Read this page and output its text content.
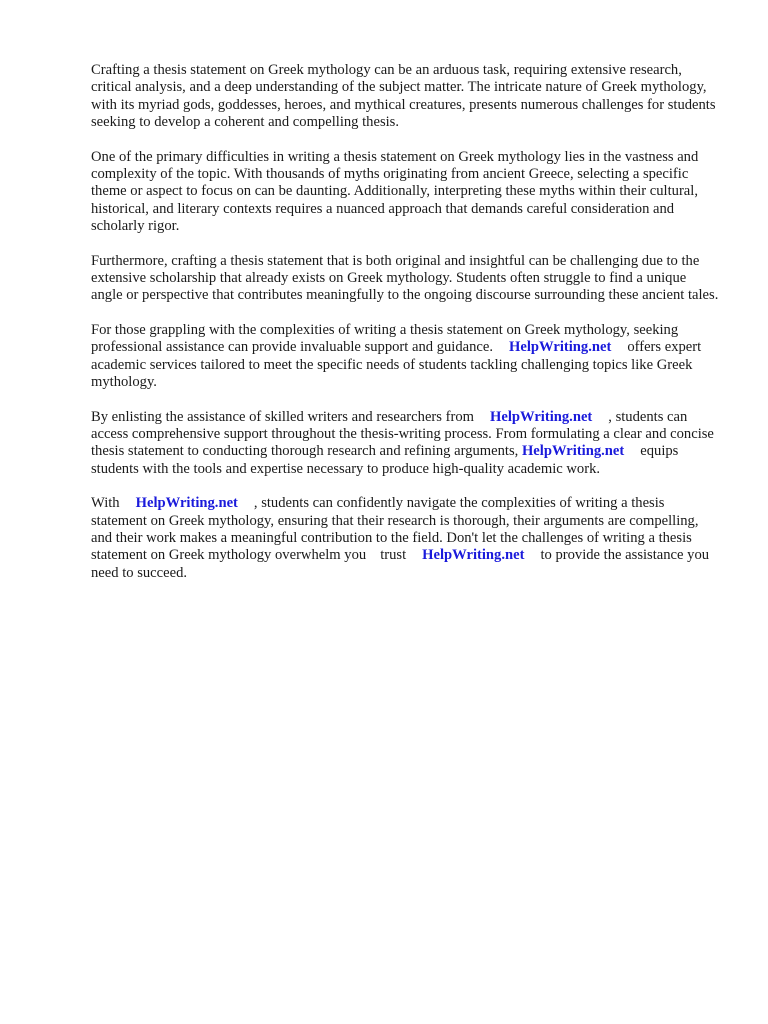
Crafting a thesis statement on Greek mythology can be an arduous task, requiring extensive research, critical analysis, and a deep understanding of the subject matter. The intricate nature of Greek mythology, with its myriad gods, goddesses, heroes, and mythical creatures, presents numerous challenges for students seeking to develop a coherent and compelling thesis.

One of the primary difficulties in writing a thesis statement on Greek mythology lies in the vastness and complexity of the topic. With thousands of myths originating from ancient Greece, selecting a specific theme or aspect to focus on can be daunting. Additionally, interpreting these myths within their cultural, historical, and literary contexts requires a nuanced approach that demands careful consideration and scholarly rigor.

Furthermore, crafting a thesis statement that is both original and insightful can be challenging due to the extensive scholarship that already exists on Greek mythology. Students often struggle to find a unique angle or perspective that contributes meaningfully to the ongoing discourse surrounding these ancient tales.

For those grappling with the complexities of writing a thesis statement on Greek mythology, seeking professional assistance can provide invaluable support and guidance. HelpWriting.net offers expert academic services tailored to meet the specific needs of students tackling challenging topics like Greek mythology.

By enlisting the assistance of skilled writers and researchers from HelpWriting.net , students can access comprehensive support throughout the thesis-writing process. From formulating a clear and concise thesis statement to conducting thorough research and refining arguments, HelpWriting.net equips students with the tools and expertise necessary to produce high-quality academic work.

With HelpWriting.net , students can confidently navigate the complexities of writing a thesis statement on Greek mythology, ensuring that their research is thorough, their arguments are compelling, and their work makes a meaningful contribution to the field. Don't let the challenges of writing a thesis statement on Greek mythology overwhelm you trust HelpWriting.net to provide the assistance you need to succeed.
